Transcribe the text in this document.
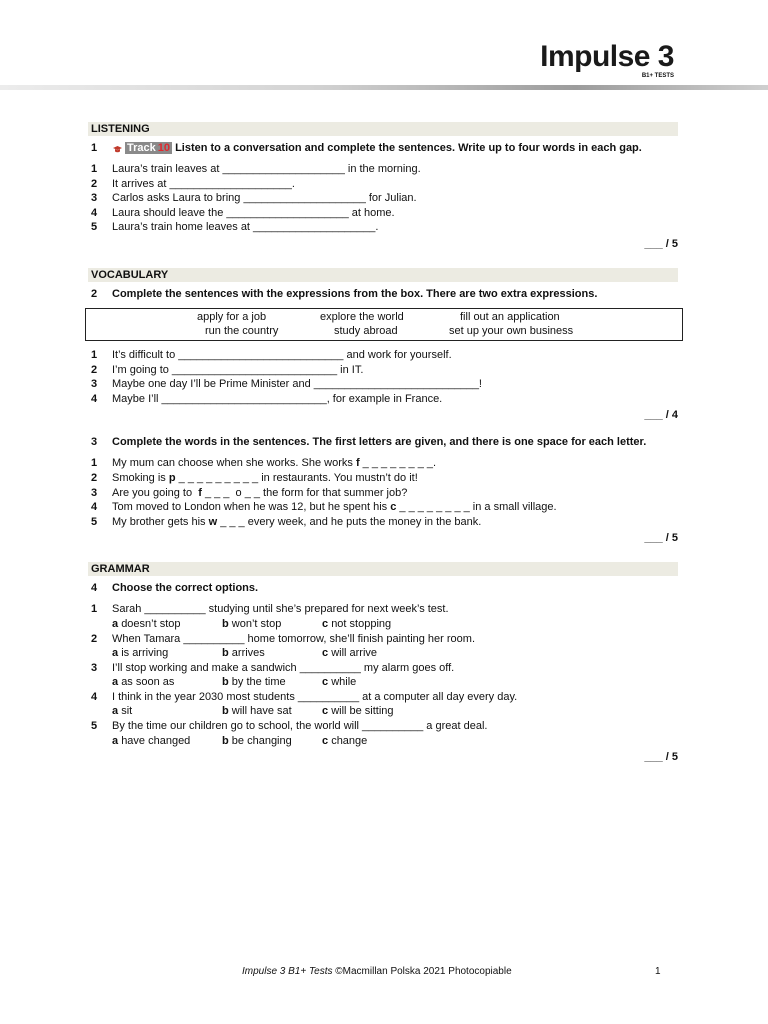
Impulse 3
B1+ TESTS
LISTENING
1	Track 10 Listen to a conversation and complete the sentences. Write up to four words in each gap.
1	Laura’s train leaves at ____________________ in the morning.
2	It arrives at ____________________.
3	Carlos asks Laura to bring ____________________ for Julian.
4	Laura should leave the ____________________ at home.
5	Laura’s train home leaves at ____________________.
___ / 5
VOCABULARY
2	Complete the sentences with the expressions from the box. There are two extra expressions.
apply for a job	explore the world	fill out an application
run the country	study abroad	set up your own business
1	It’s difficult to ___________________________ and work for yourself.
2	I’m going to ___________________________ in IT.
3	Maybe one day I’ll be Prime Minister and ___________________________!
4	Maybe I’ll ___________________________, for example in France.
___ / 4
3	Complete the words in the sentences. The first letters are given, and there is one space for each letter.
1	My mum can choose when she works. She works f _ _ _ _ _ _ _ _.
2	Smoking is p _ _ _ _ _ _ _ _ _ in restaurants. You mustn’t do it!
3	Are you going to  f _ _ _  o _ _ the form for that summer job?
4	Tom moved to London when he was 12, but he spent his c _ _ _ _ _ _ _ _ in a small village.
5	My brother gets his w _ _ _ every week, and he puts the money in the bank.
___ / 5
GRAMMAR
4	Choose the correct options.
1	Sarah __________ studying until she’s prepared for next week’s test.
a doesn’t stop	b won’t stop	c not stopping
2	When Tamara __________ home tomorrow, she’ll finish painting her room.
a is arriving	b arrives	c will arrive
3	I’ll stop working and make a sandwich __________ my alarm goes off.
a as soon as	b by the time	c while
4	I think in the year 2030 most students __________ at a computer all day every day.
a sit	b will have sat	c will be sitting
5	By the time our children go to school, the world will __________ a great deal.
a have changed	b be changing	c change
___ / 5
Impulse 3 B1+ Tests ©Macmillan Polska 2021 Photocopiable	1
